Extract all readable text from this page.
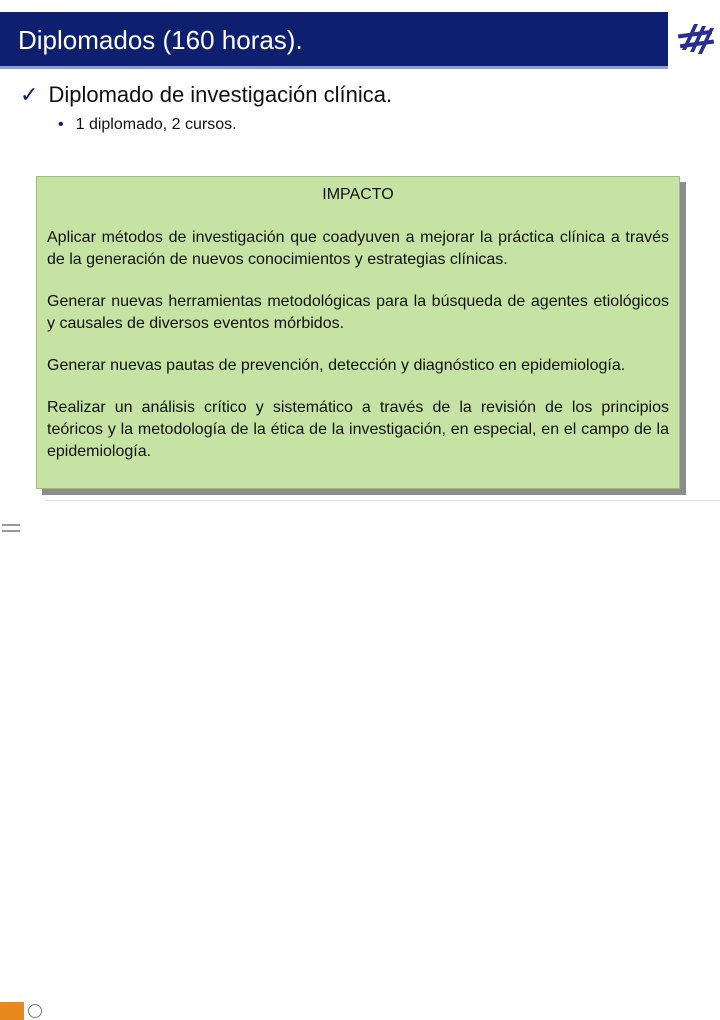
Diplomados (160 horas).
✓ Diplomado de investigación clínica.
• 1 diplomado, 2 cursos.
IMPACTO

Aplicar métodos de investigación que coadyuven a mejorar la práctica clínica a través de la generación de nuevos conocimientos y estrategias clínicas.

Generar nuevas herramientas metodológicas para la búsqueda de agentes etiológicos y causales de diversos eventos mórbidos.

Generar nuevas pautas de prevención, detección y diagnóstico en epidemiología.

Realizar un análisis crítico y sistemático a través de la revisión de los principios teóricos y la metodología de la ética de la investigación, en especial, en el campo de la epidemiología.
